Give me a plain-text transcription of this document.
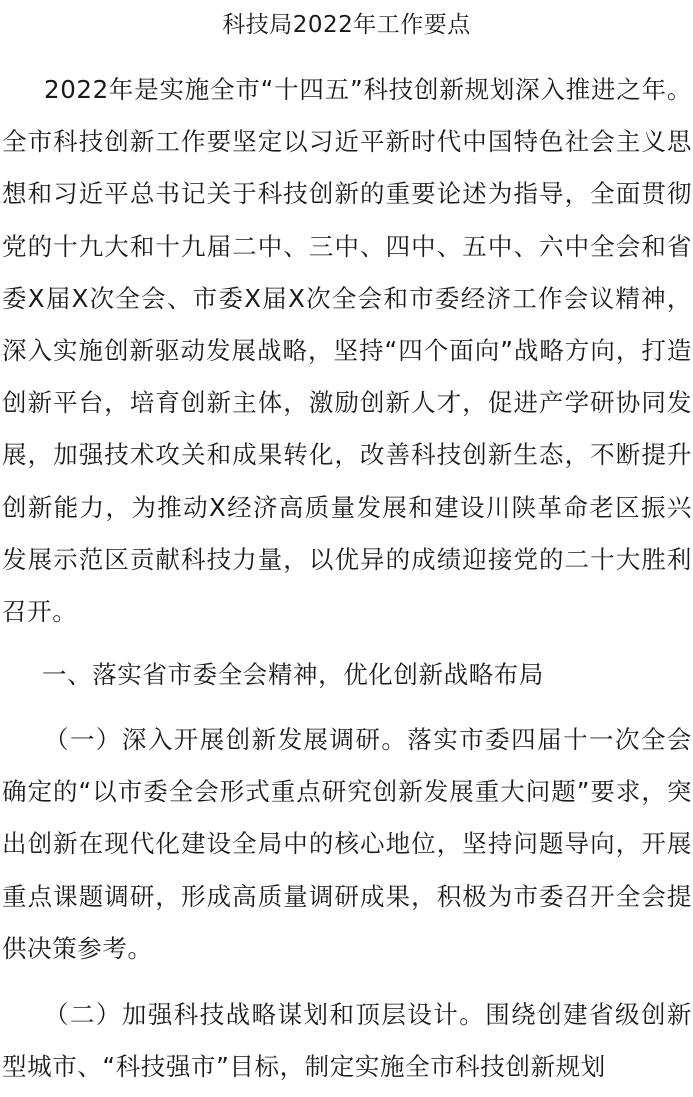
科技局2022年工作要点

2022年是实施全市“十四五”科技创新规划深入推进之年。全市科技创新工作要坚定以习近平新时代中国特色社会主义思想和习近平总书记关于科技创新的重要论述为指导，全面贯彻党的十九大和十九届二中、三中、四中、五中、六中全会和省委X届X次全会、市委X届X次全会和市委经济工作会议精神，深入实施创新驱动发展战略，坚持“四个面向”战略方向，打造创新平台，培育创新主体，激励创新人才，促进产学研协同发展，加强技术攻关和成果转化，改善科技创新生态，不断提升创新能力，为推动X经济高质量发展和建设川陕革命老区振兴发展示范区贡献科技力量，以优异的成绩迎接党的二十大胜利召开。

一、落实省市委全会精神，优化创新战略布局

（一）深入开展创新发展调研。落实市委四届十一次全会确定的“以市委全会形式重点研究创新发展重大问题”要求，突出创新在现代化建设全局中的核心地位，坚持问题导向，开展重点课题调研，形成高质量调研成果，积极为市委召开全会提供决策参考。

（二）加强科技战略谋划和顶层设计。围绕创建省级创新型城市、“科技强市”目标，制定实施全市科技创新规划
